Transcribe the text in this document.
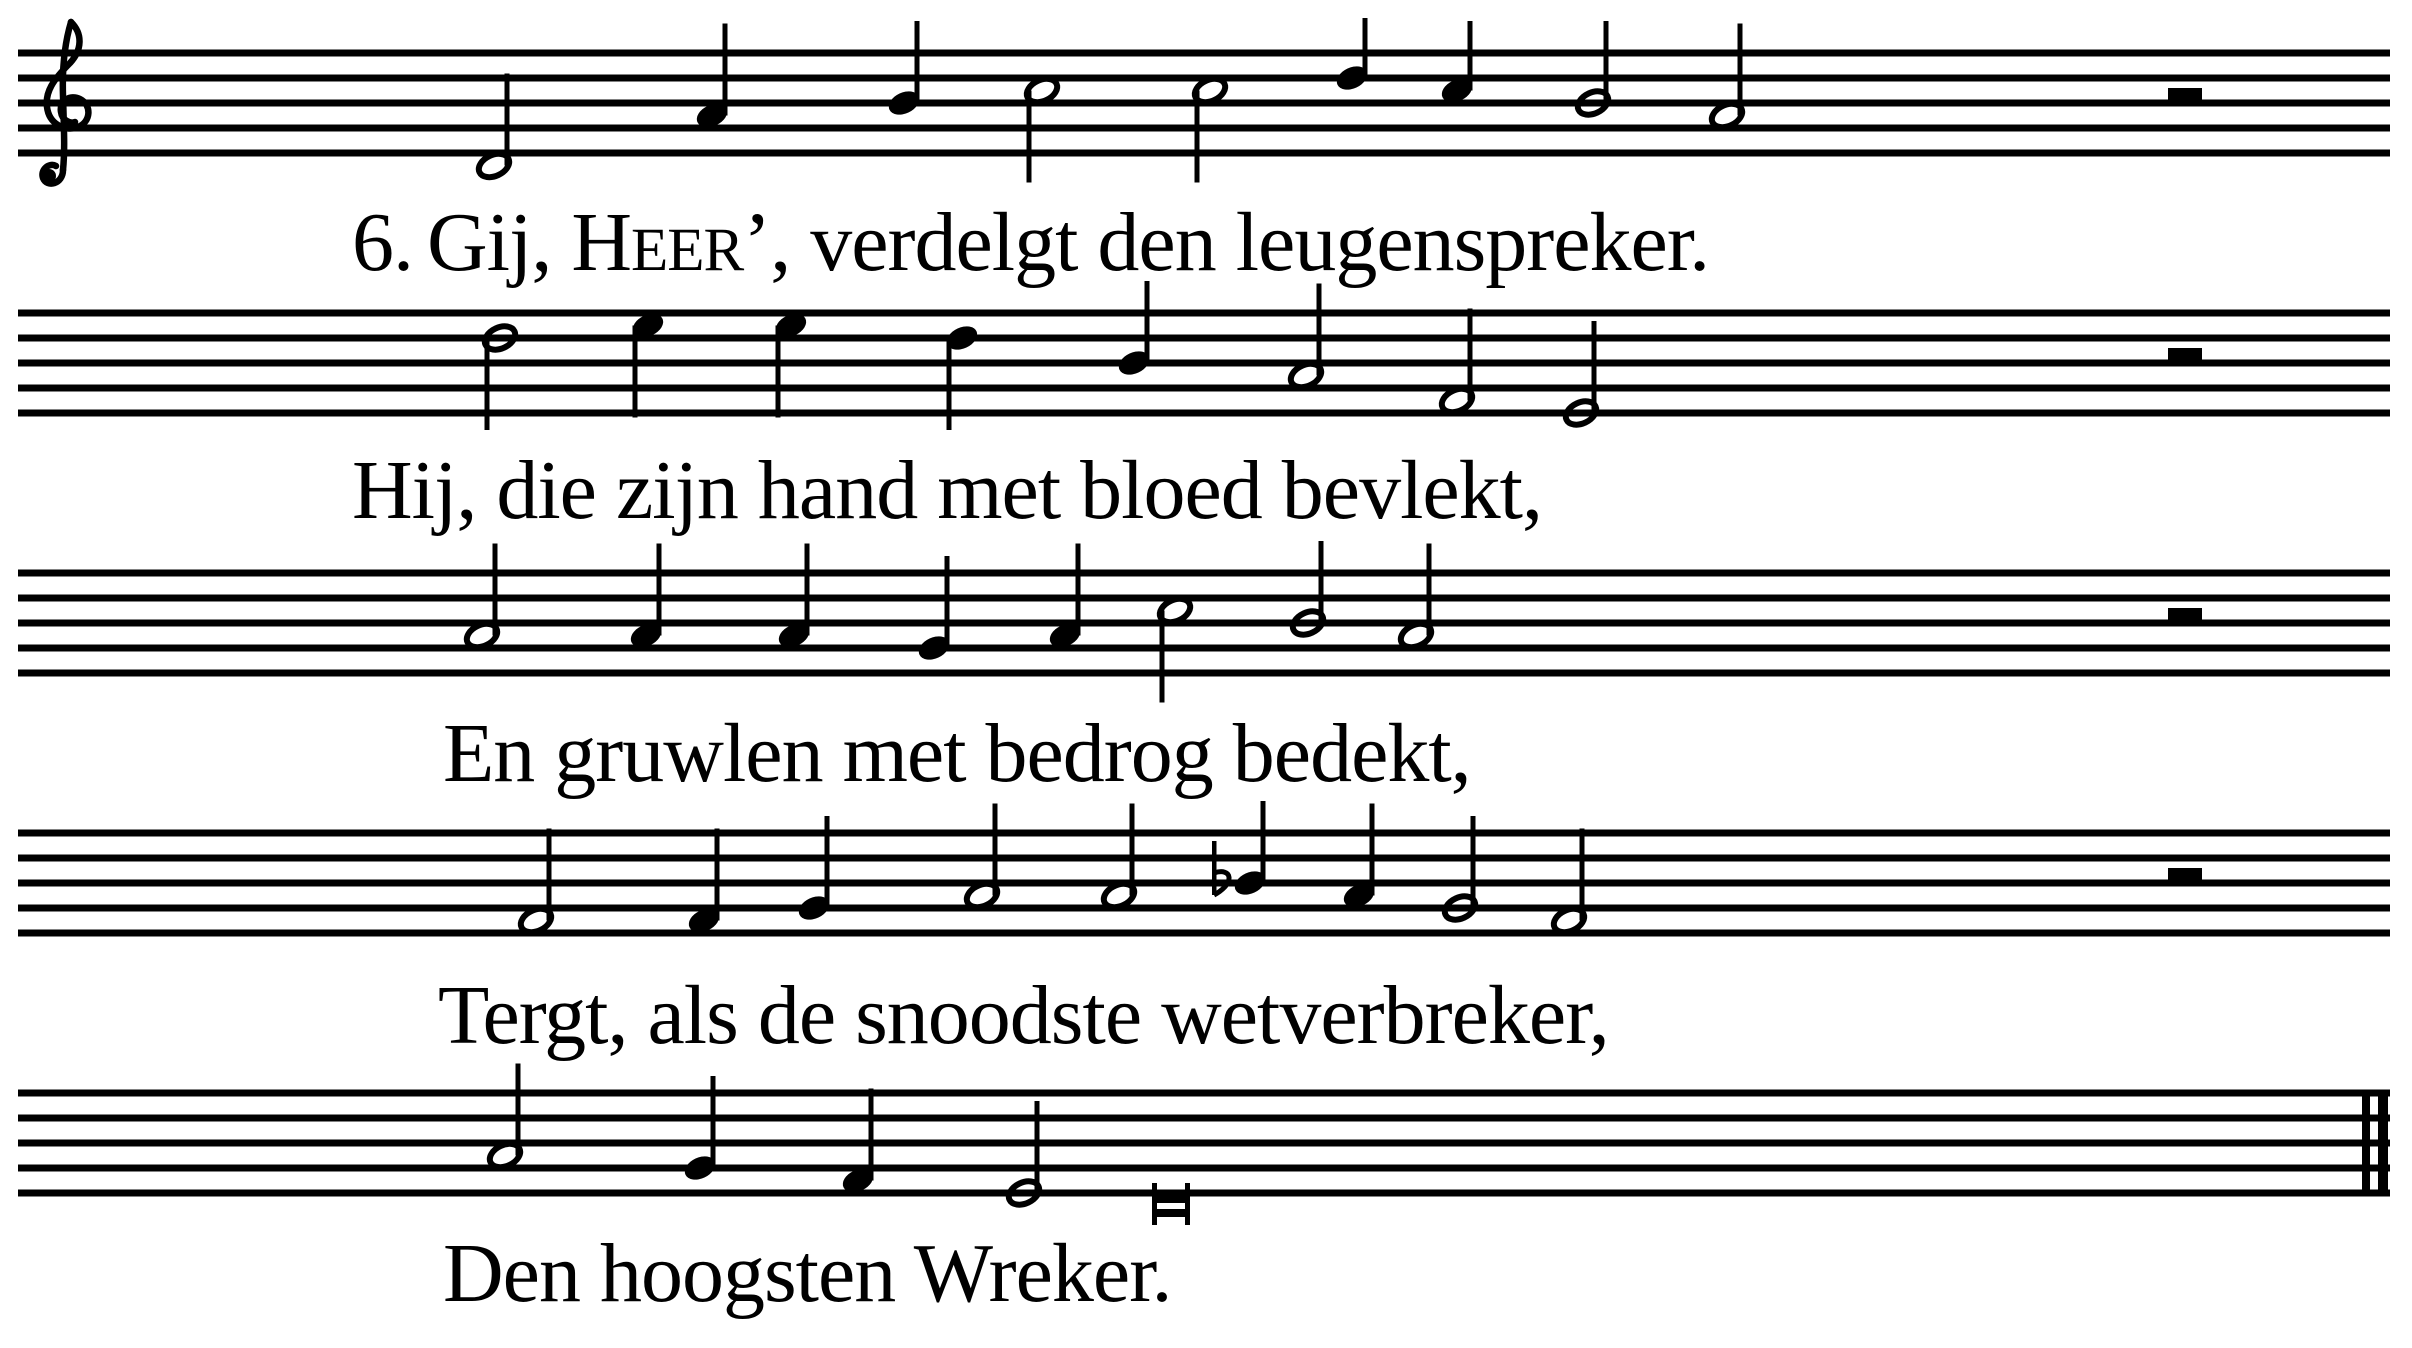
6. Gij, HEER’, verdelgt den leugenspreker.
Hij, die zijn hand met bloed bevlekt,
En gruwlen met bedrog bedekt,
Tergt, als de snoodste wetverbreker,
Den hoogsten Wreker.
